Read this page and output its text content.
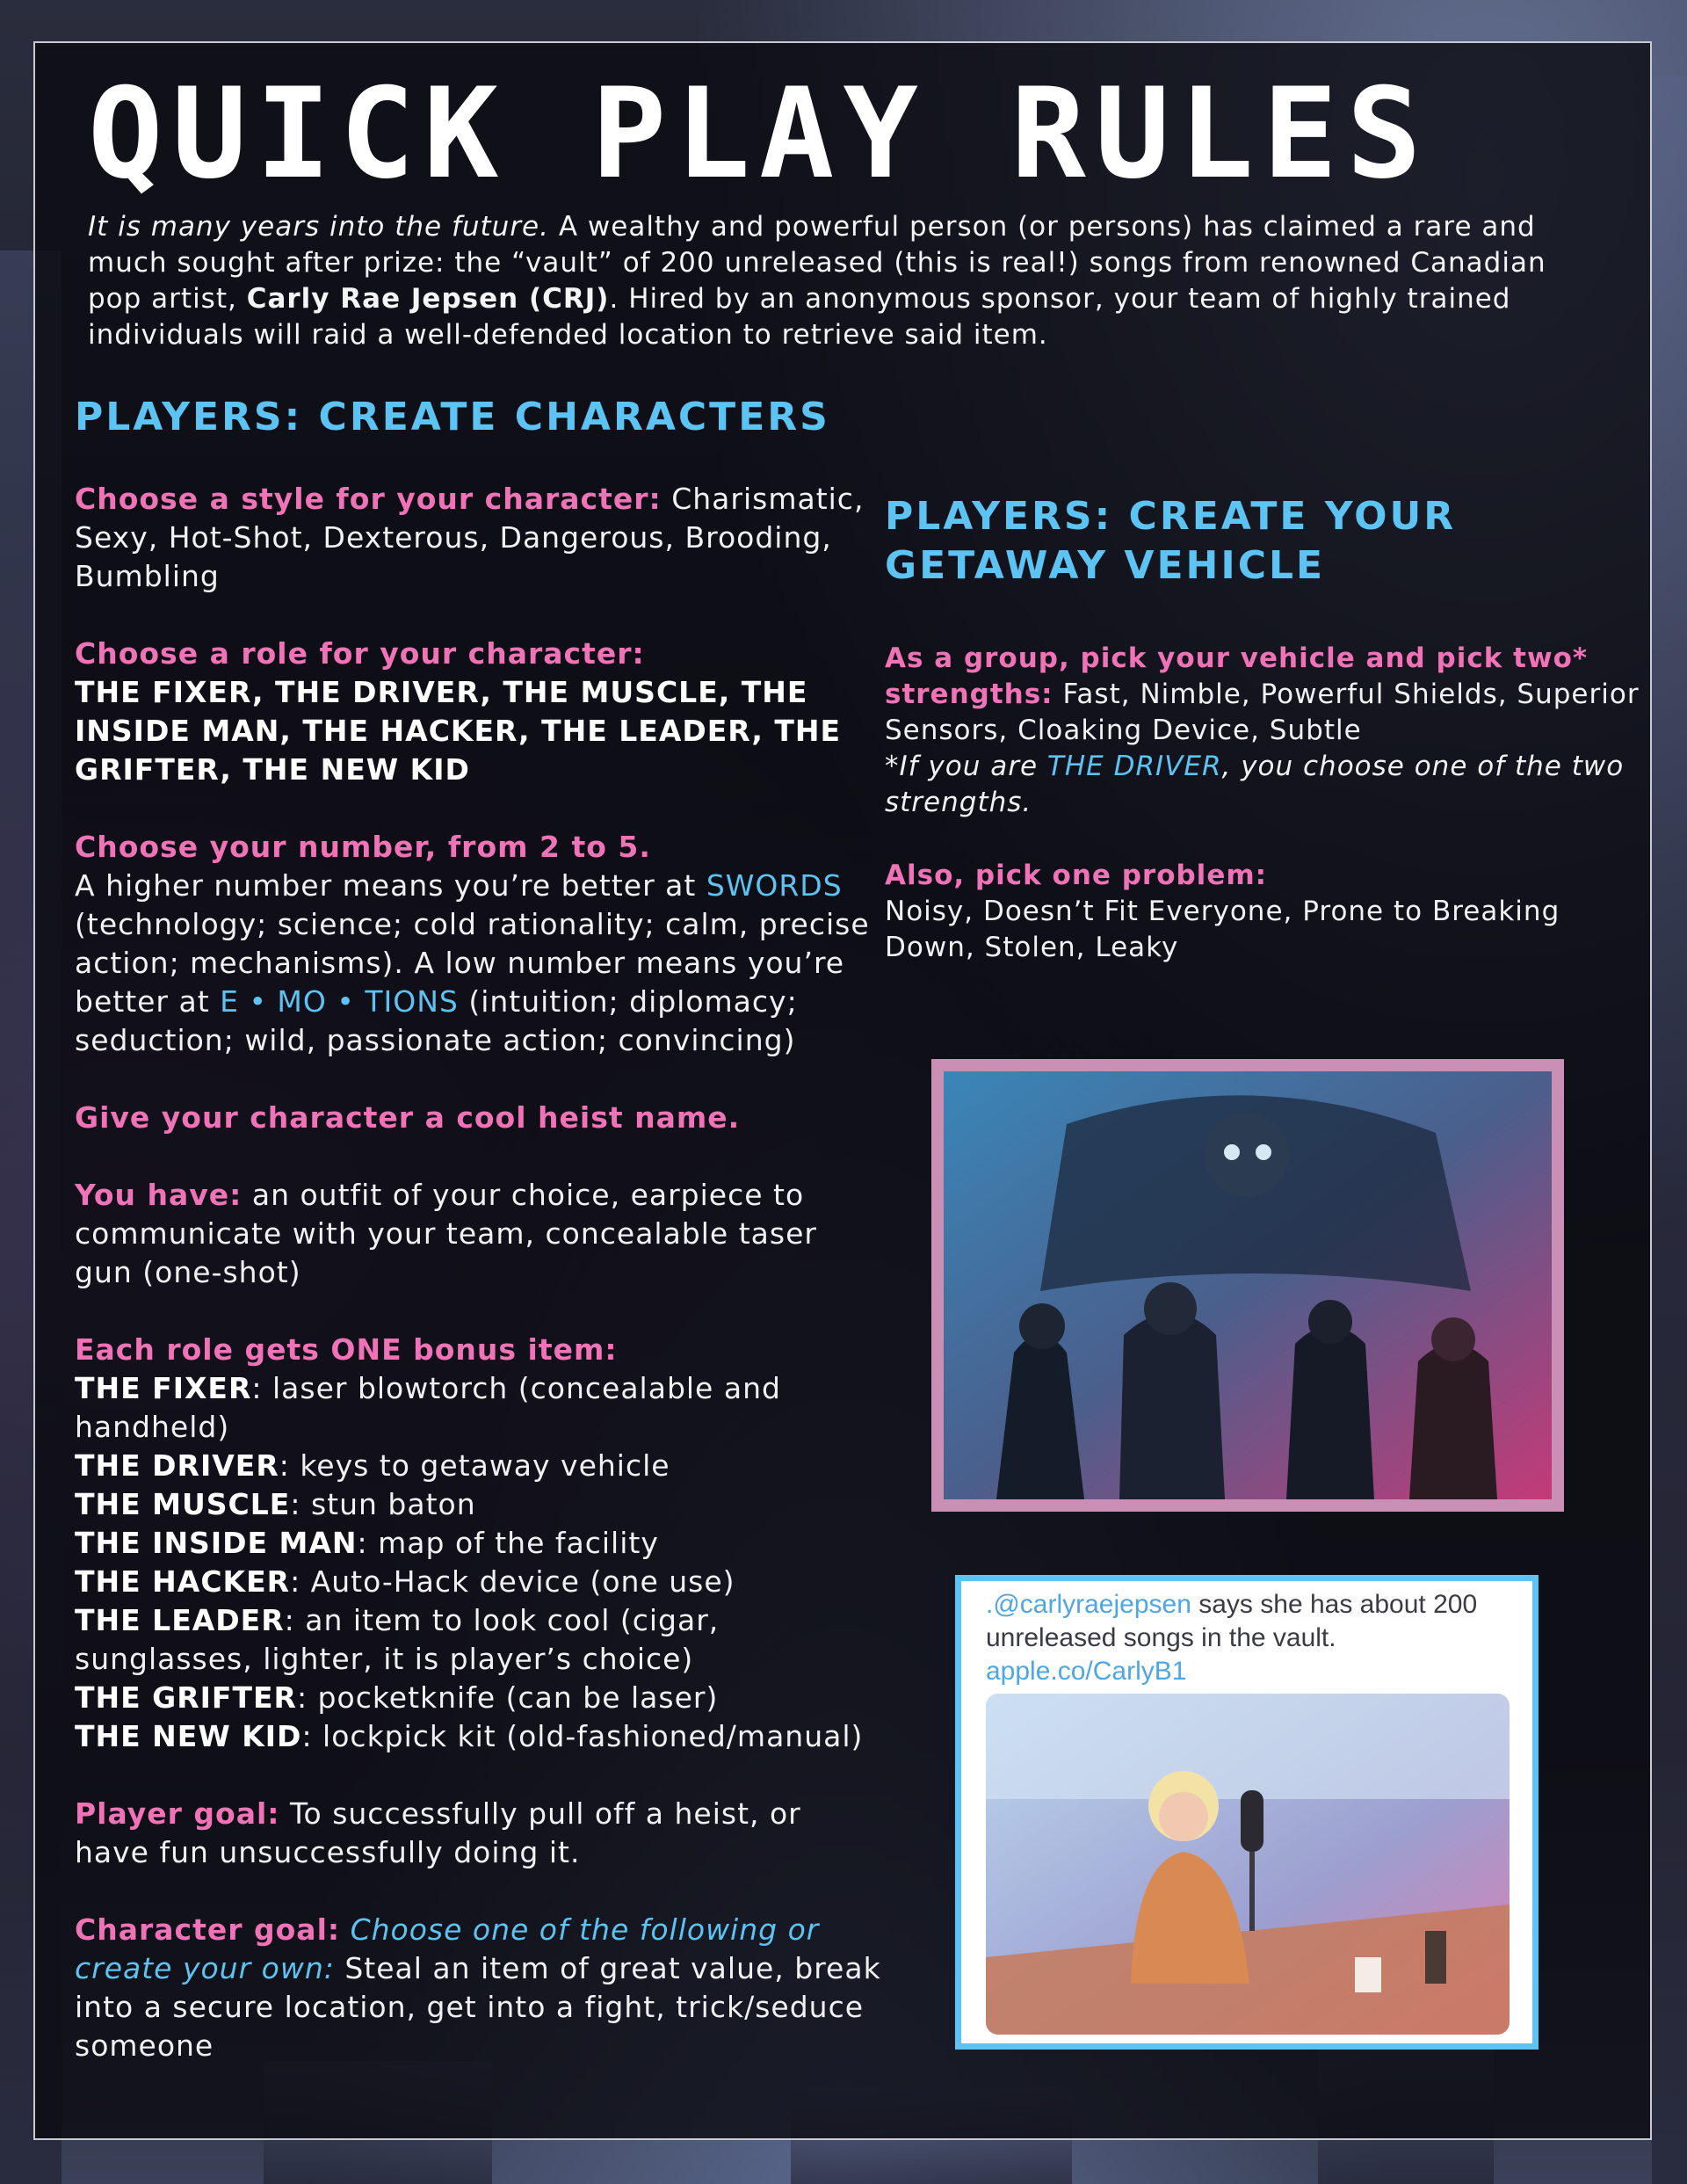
QUICK PLAY RULES

It is many years into the future. A wealthy and powerful person (or persons) has claimed a rare and much sought after prize: the “vault” of 200 unreleased (this is real!) songs from renowned Canadian pop artist, Carly Rae Jepsen (CRJ). Hired by an anonymous sponsor, your team of highly trained individuals will raid a well-defended location to retrieve said item.

PLAYERS: CREATE CHARACTERS

Choose a style for your character: Charismatic, Sexy, Hot-Shot, Dexterous, Dangerous, Brooding, Bumbling

Choose a role for your character:
THE FIXER, THE DRIVER, THE MUSCLE, THE INSIDE MAN, THE HACKER, THE LEADER, THE GRIFTER, THE NEW KID

Choose your number, from 2 to 5.
A higher number means you’re better at SWORDS (technology; science; cold rationality; calm, precise action; mechanisms). A low number means you’re better at E • MO • TIONS (intuition; diplomacy; seduction; wild, passionate action; convincing)

Give your character a cool heist name.

You have: an outfit of your choice, earpiece to communicate with your team, concealable taser gun (one-shot)

Each role gets ONE bonus item:
THE FIXER: laser blowtorch (concealable and handheld)
THE DRIVER: keys to getaway vehicle
THE MUSCLE: stun baton
THE INSIDE MAN: map of the facility
THE HACKER: Auto-Hack device (one use)
THE LEADER: an item to look cool (cigar, sunglasses, lighter, it is player’s choice)
THE GRIFTER: pocketknife (can be laser)
THE NEW KID: lockpick kit (old-fashioned/manual)

Player goal: To successfully pull off a heist, or have fun unsuccessfully doing it.

Character goal: Choose one of the following or create your own: Steal an item of great value, break into a secure location, get into a fight, trick/seduce someone

PLAYERS: CREATE YOUR
GETAWAY VEHICLE

As a group, pick your vehicle and pick two* strengths: Fast, Nimble, Powerful Shields, Superior Sensors, Cloaking Device, Subtle

*If you are THE DRIVER, you choose one of the two strengths.

Also, pick one problem:
Noisy, Doesn’t Fit Everyone, Prone to Breaking Down, Stolen, Leaky

.@carlyraejepsen says she has about 200 unreleased songs in the vault.
apple.co/CarlyB1
